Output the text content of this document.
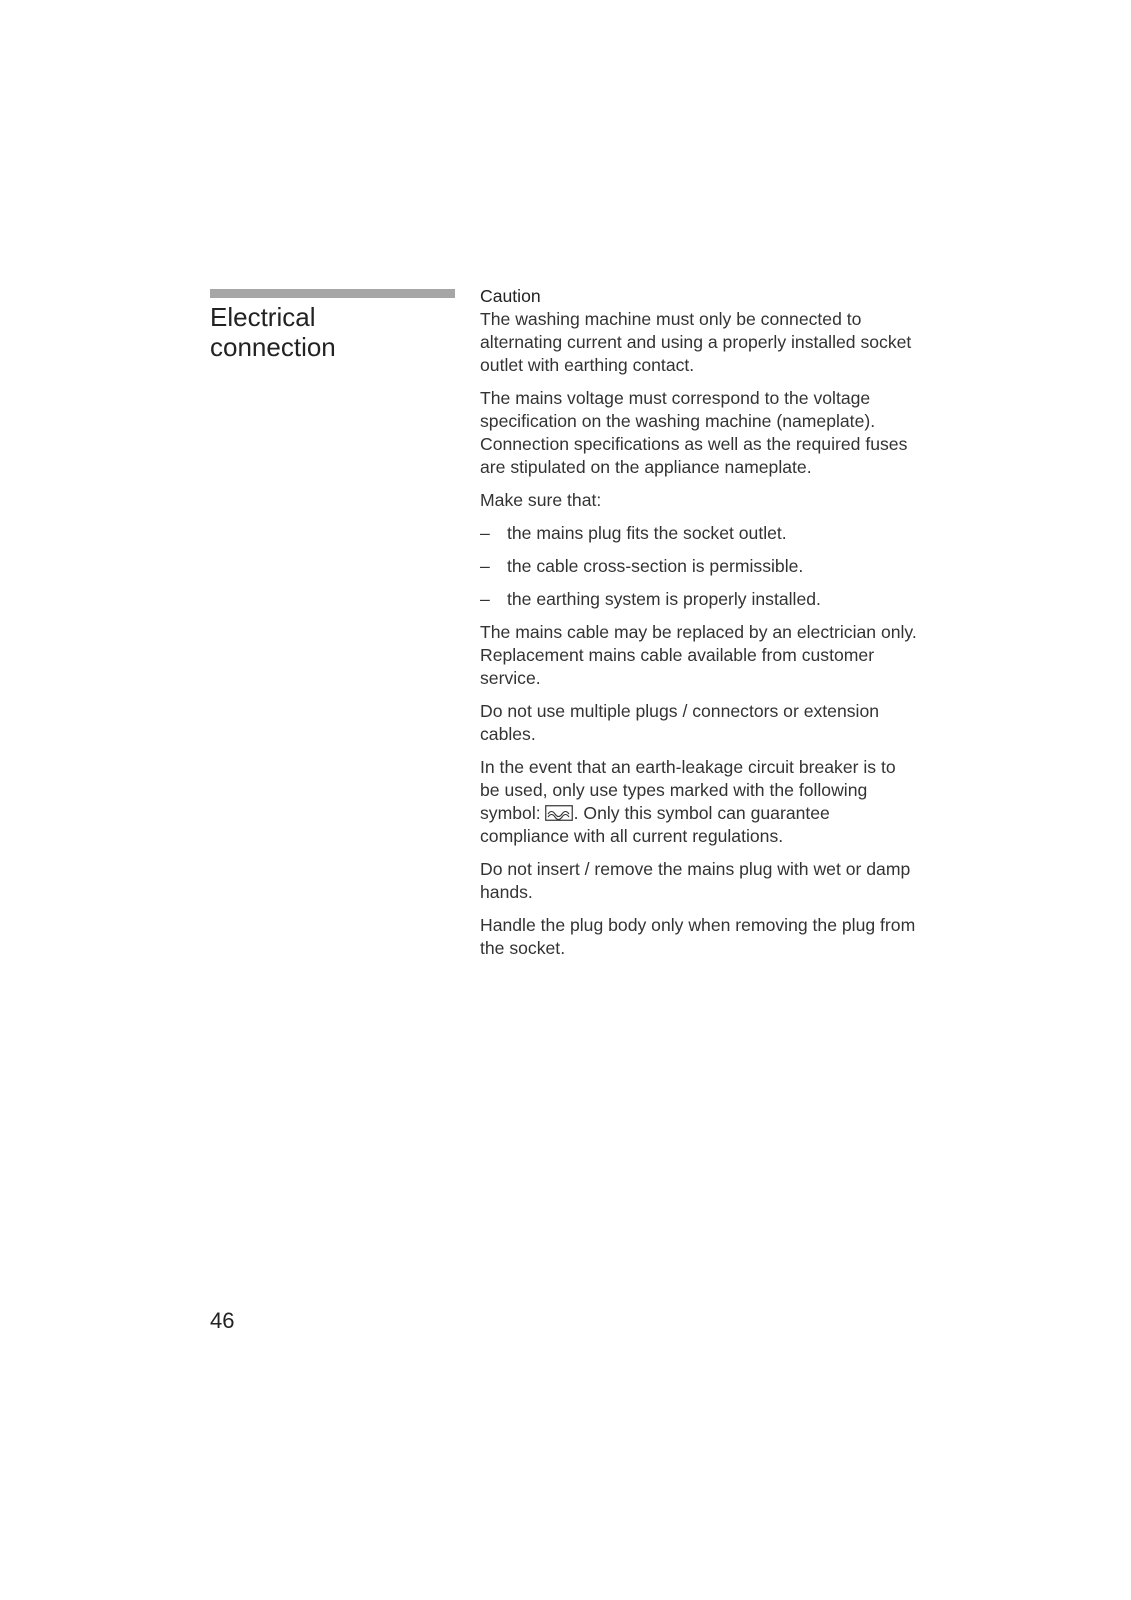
Electrical
connection

Caution
The washing machine must only be connected to alternating current and using a properly installed socket outlet with earthing contact.

The mains voltage must correspond to the voltage specification on the washing machine (nameplate). Connection specifications as well as the required fuses are stipulated on the appliance nameplate.

Make sure that:

– the mains plug fits the socket outlet.
– the cable cross-section is permissible.
– the earthing system is properly installed.

The mains cable may be replaced by an electrician only.
Replacement mains cable available from customer service.

Do not use multiple plugs / connectors or extension cables.

In the event that an earth-leakage circuit breaker is to be used, only use types marked with the following symbol: . Only this symbol can guarantee compliance with all current regulations.

Do not insert / remove the mains plug with wet or damp hands.

Handle the plug body only when removing the plug from the socket.

46
